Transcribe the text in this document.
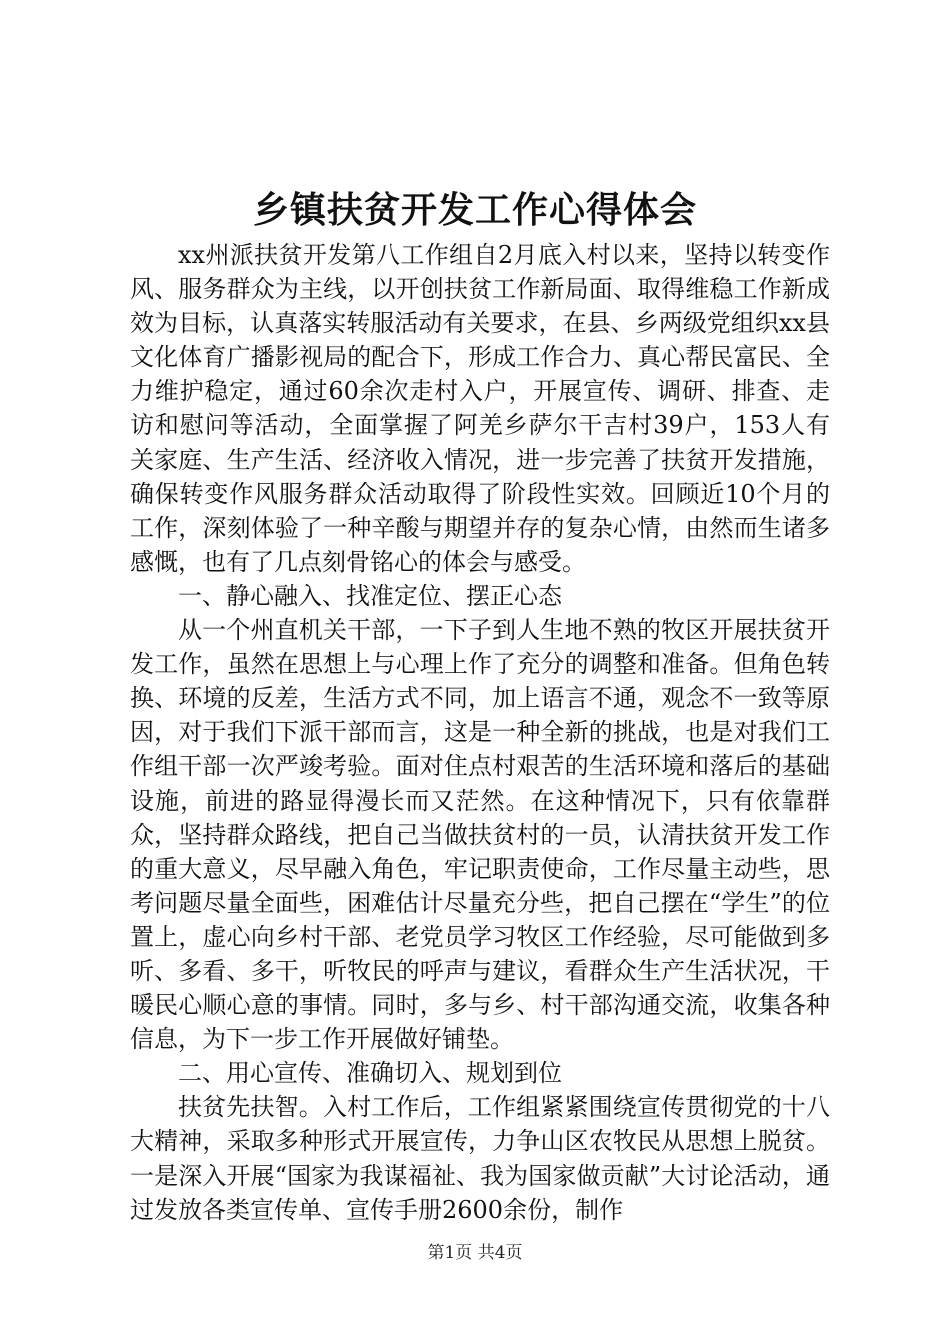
乡镇扶贫开发工作心得体会

xx州派扶贫开发第八工作组自2月底入村以来，坚持以转变作风、服务群众为主线，以开创扶贫工作新局面、取得维稳工作新成效为目标，认真落实转服活动有关要求，在县、乡两级党组织xx县文化体育广播影视局的配合下，形成工作合力、真心帮民富民、全力维护稳定，通过60余次走村入户，开展宣传、调研、排查、走访和慰问等活动，全面掌握了阿羌乡萨尔干吉村39户，153人有关家庭、生产生活、经济收入情况，进一步完善了扶贫开发措施，确保转变作风服务群众活动取得了阶段性实效。回顾近10个月的工作，深刻体验了一种辛酸与期望并存的复杂心情，由然而生诸多感慨，也有了几点刻骨铭心的体会与感受。

一、静心融入、找准定位、摆正心态

从一个州直机关干部，一下子到人生地不熟的牧区开展扶贫开发工作，虽然在思想上与心理上作了充分的调整和准备。但角色转换、环境的反差，生活方式不同，加上语言不通，观念不一致等原因，对于我们下派干部而言，这是一种全新的挑战，也是对我们工作组干部一次严竣考验。面对住点村艰苦的生活环境和落后的基础设施，前进的路显得漫长而又茫然。在这种情况下，只有依靠群众，坚持群众路线，把自己当做扶贫村的一员，认清扶贫开发工作的重大意义，尽早融入角色，牢记职责使命，工作尽量主动些，思考问题尽量全面些，困难估计尽量充分些，把自己摆在“学生”的位置上，虚心向乡村干部、老党员学习牧区工作经验，尽可能做到多听、多看、多干，听牧民的呼声与建议，看群众生产生活状况，干暖民心顺心意的事情。同时，多与乡、村干部沟通交流，收集各种信息，为下一步工作开展做好铺垫。

二、用心宣传、准确切入、规划到位

扶贫先扶智。入村工作后，工作组紧紧围绕宣传贯彻党的十八大精神，采取多种形式开展宣传，力争山区农牧民从思想上脱贫。一是深入开展“国家为我谋福祉、我为国家做贡献”大讨论活动，通过发放各类宣传单、宣传手册2600余份，制作

第1页 共4页
